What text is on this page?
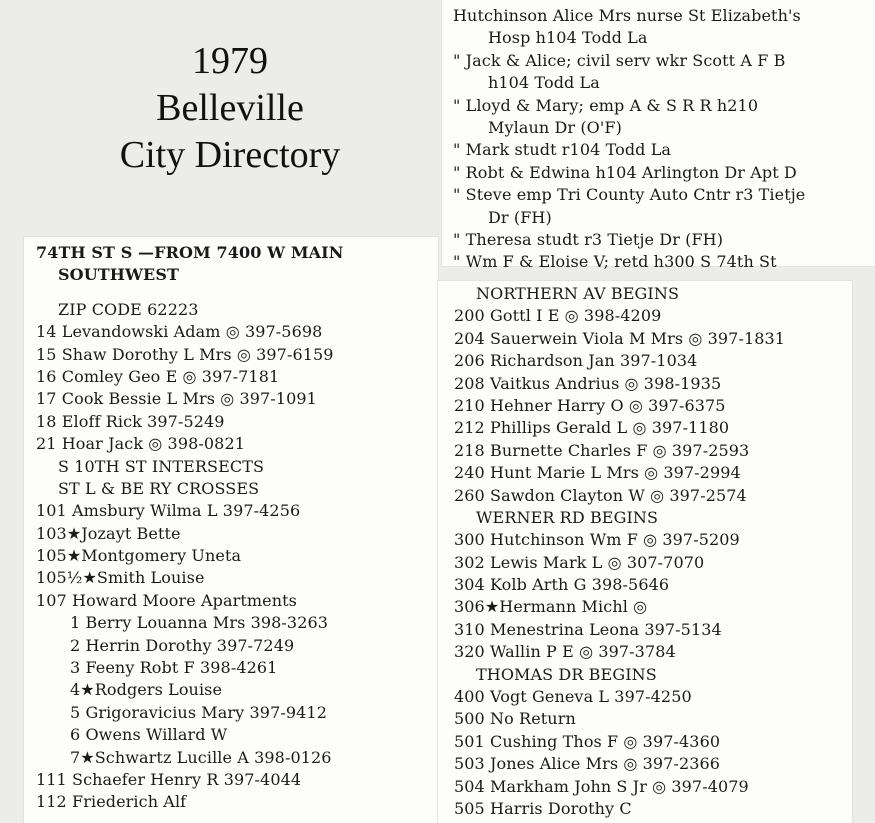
1979
Belleville
City Directory
Hutchinson Alice Mrs nurse St Elizabeth's
Hosp h104 Todd La
" Jack & Alice; civil serv wkr Scott A F B
h104 Todd La
" Lloyd & Mary; emp A & S R R h210
Mylaun Dr (O'F)
" Mark studt r104 Todd La
" Robt & Edwina h104 Arlington Dr Apt D
" Steve emp Tri County Auto Cntr r3 Tietje
Dr (FH)
" Theresa studt r3 Tietje Dr (FH)
" Wm F & Eloise V; retd h300 S 74th St
74TH ST S —FROM 7400 W MAIN
SOUTHWEST
ZIP CODE 62223
14 Levandowski Adam ◎ 397-5698
15 Shaw Dorothy L Mrs ◎ 397-6159
16 Comley Geo E ◎ 397-7181
17 Cook Bessie L Mrs ◎ 397-1091
18 Eloff Rick 397-5249
21 Hoar Jack ◎ 398-0821
S 10TH ST INTERSECTS
ST L & BE RY CROSSES
101 Amsbury Wilma L 397-4256
103★Jozayt Bette
105★Montgomery Uneta
105½★Smith Louise
107 Howard Moore Apartments
1 Berry Louanna Mrs 398-3263
2 Herrin Dorothy 397-7249
3 Feeny Robt F 398-4261
4★Rodgers Louise
5 Grigoravicius Mary 397-9412
6 Owens Willard W
7★Schwartz Lucille A 398-0126
111 Schaefer Henry R 397-4044
112 Friederich Alf
NORTHERN AV BEGINS
200 Gottl I E ◎ 398-4209
204 Sauerwein Viola M Mrs ◎ 397-1831
206 Richardson Jan 397-1034
208 Vaitkus Andrius ◎ 398-1935
210 Hehner Harry O ◎ 397-6375
212 Phillips Gerald L ◎ 397-1180
218 Burnette Charles F ◎ 397-2593
240 Hunt Marie L Mrs ◎ 397-2994
260 Sawdon Clayton W ◎ 397-2574
WERNER RD BEGINS
300 Hutchinson Wm F ◎ 397-5209
302 Lewis Mark L ◎ 307-7070
304 Kolb Arth G 398-5646
306★Hermann Michl ◎
310 Menestrina Leona 397-5134
320 Wallin P E ◎ 397-3784
THOMAS DR BEGINS
400 Vogt Geneva L 397-4250
500 No Return
501 Cushing Thos F ◎ 397-4360
503 Jones Alice Mrs ◎ 397-2366
504 Markham John S Jr ◎ 397-4079
505 Harris Dorothy C
